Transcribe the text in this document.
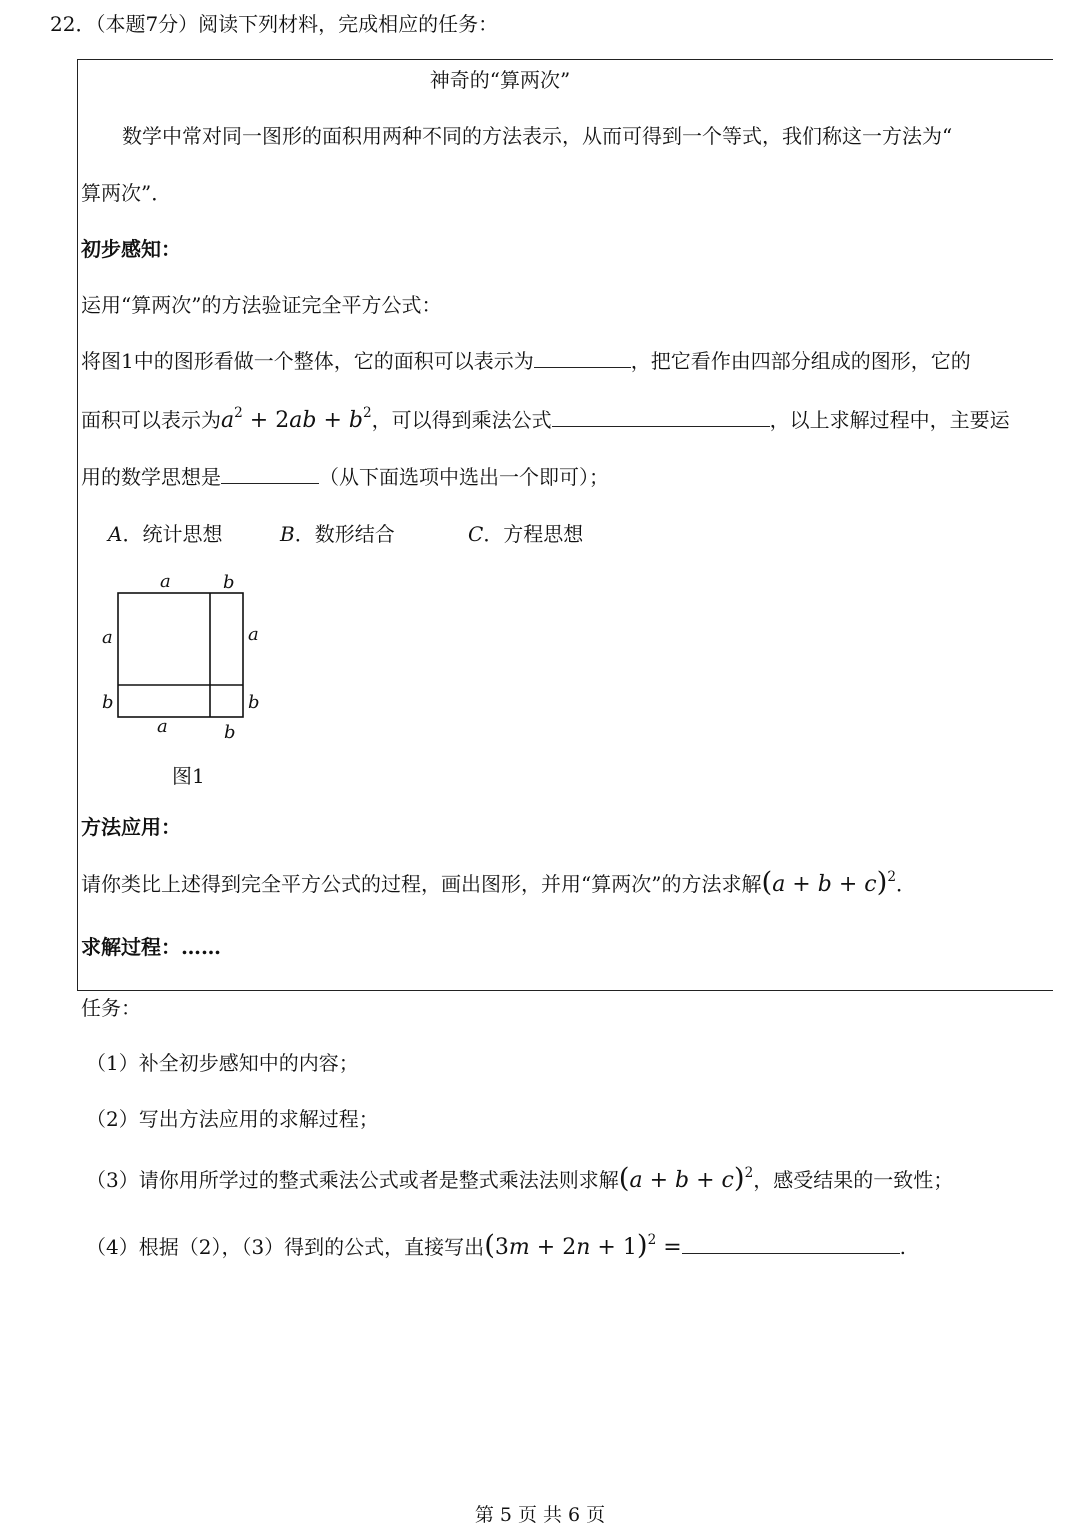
22．（本题7分）阅读下列材料，完成相应的任务：
神奇的“算两次”
数学中常对同一图形的面积用两种不同的方法表示，从而可得到一个等式，我们称这一方法为“
算两次”．
初步感知：
运用“算两次”的方法验证完全平方公式：
将图1中的图形看做一个整体，它的面积可以表示为	，把它看作由四部分组成的图形，它的
面积可以表示为$a^2 + 2ab + b^2$，可以得到乘法公式	，以上求解过程中，主要运
用的数学思想是	（从下面选项中选出一个即可）；
A．统计思想	B．数形结合	C．方程思想
a	b
a
b
a
b
a	b
图1
方法应用：
请你类比上述得到完全平方公式的过程，画出图形，并用“算两次”的方法求解$(a + b + c)^2$．
求解过程：……
任务：
（1）补全初步感知中的内容；
（2）写出方法应用的求解过程；
（3）请你用所学过的整式乘法公式或者是整式乘法法则求解$(a + b + c)^2$，感受结果的一致性；
（4）根据（2），（3）得到的公式，直接写出$(3m + 2n + 1)^2$ =	.
第 5 页 共 6 页
